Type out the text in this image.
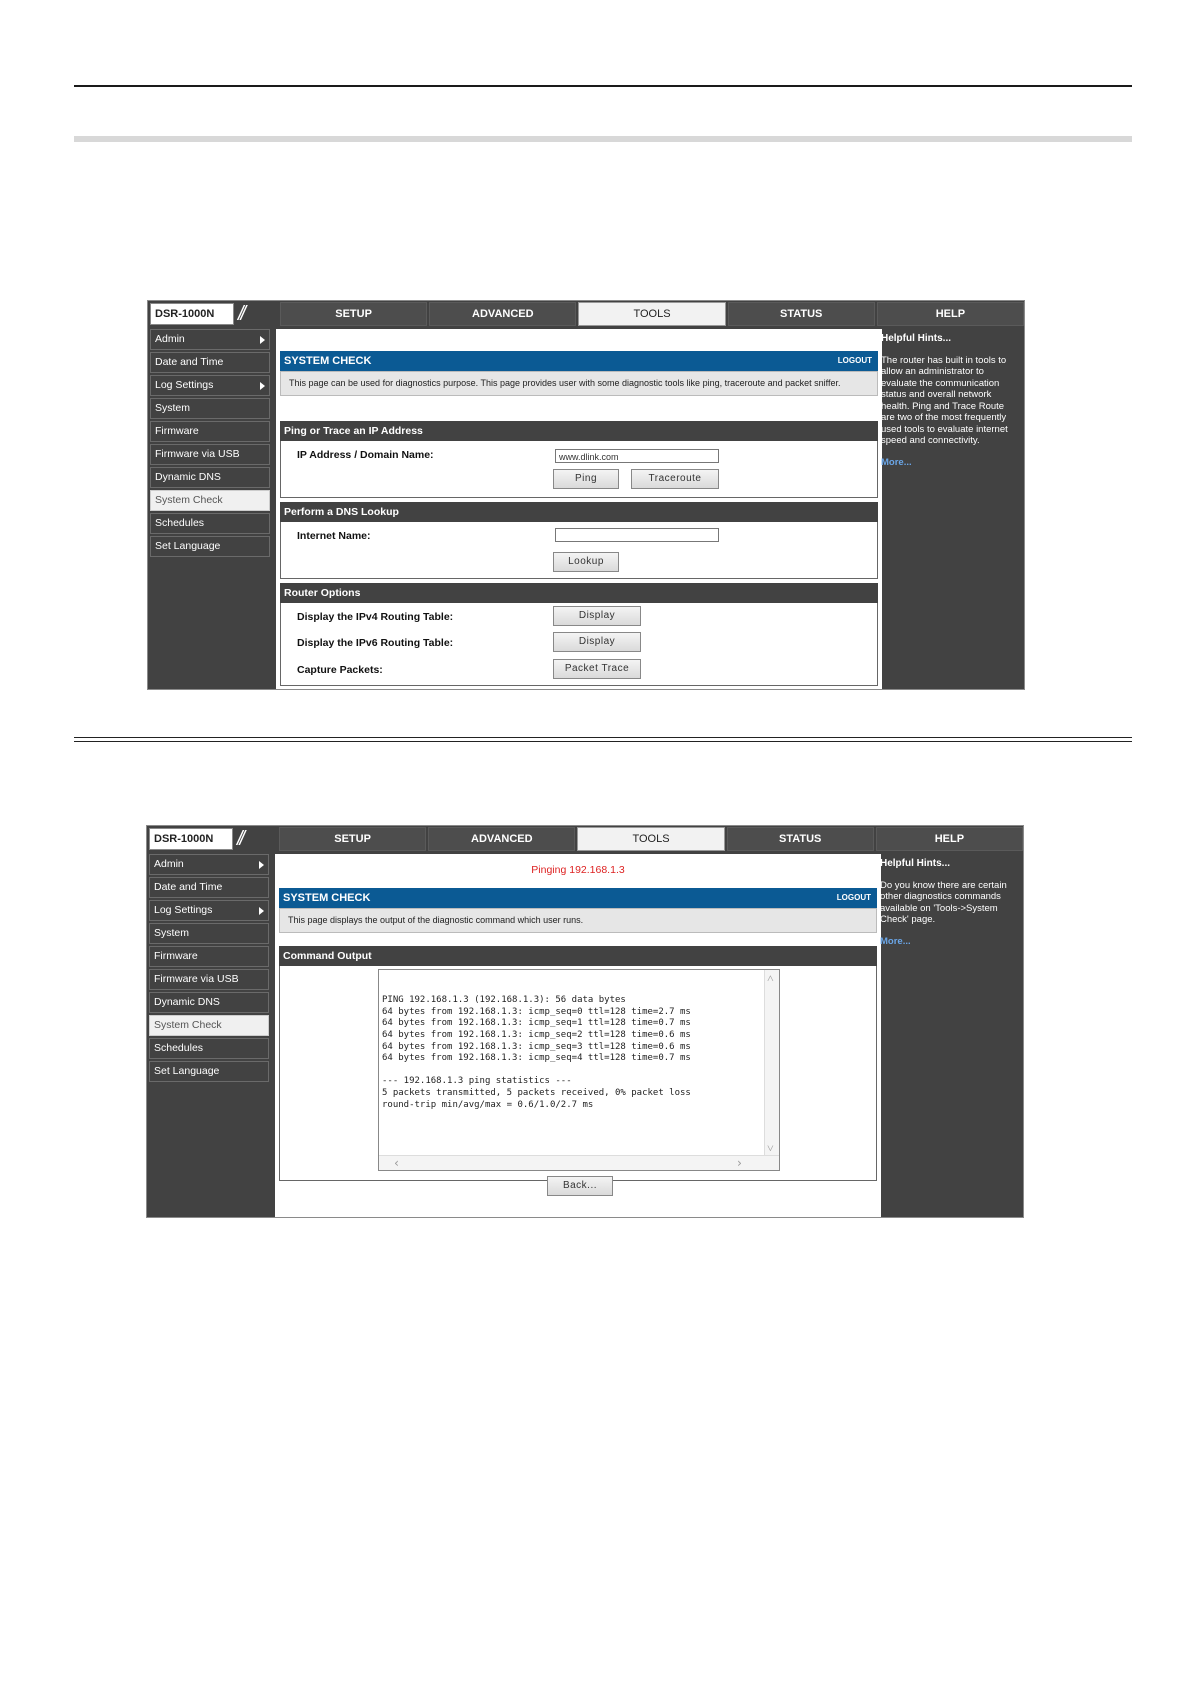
DSR-1000N	//	SETUP	ADVANCED	TOOLS	STATUS	HELP
Admin
Date and Time
Log Settings
System
Firmware
Firmware via USB
Dynamic DNS
System Check
Schedules
Set Language
SYSTEM CHECK	LOGOUT
This page can be used for diagnostics purpose. This page provides user with some diagnostic tools like ping, traceroute and packet sniffer.
Ping or Trace an IP Address
IP Address / Domain Name:	www.dlink.com
Ping	Traceroute
Perform a DNS Lookup
Internet Name:
Lookup
Router Options
Display the IPv4 Routing Table:	Display
Display the IPv6 Routing Table:	Display
Capture Packets:	Packet Trace
Helpful Hints...
The router has built in tools to allow an administrator to evaluate the communication status and overall network health. Ping and Trace Route are two of the most frequently used tools to evaluate internet speed and connectivity.
More...
DSR-1000N	//	SETUP	ADVANCED	TOOLS	STATUS	HELP
Admin
Date and Time
Log Settings
System
Firmware
Firmware via USB
Dynamic DNS
System Check
Schedules
Set Language
Pinging 192.168.1.3
SYSTEM CHECK	LOGOUT
This page displays the output of the diagnostic command which user runs.
Command Output

PING 192.168.1.3 (192.168.1.3): 56 data bytes
64 bytes from 192.168.1.3: icmp_seq=0 ttl=128 time=2.7 ms
64 bytes from 192.168.1.3: icmp_seq=1 ttl=128 time=0.7 ms
64 bytes from 192.168.1.3: icmp_seq=2 ttl=128 time=0.6 ms
64 bytes from 192.168.1.3: icmp_seq=3 ttl=128 time=0.6 ms
64 bytes from 192.168.1.3: icmp_seq=4 ttl=128 time=0.7 ms

--- 192.168.1.3 ping statistics ---
5 packets transmitted, 5 packets received, 0% packet loss
round-trip min/avg/max = 0.6/1.0/2.7 ms

˄

˅

‹

	›

Back...
Helpful Hints...
Do you know there are certain other diagnostics commands available on 'Tools->System Check' page.
More...
